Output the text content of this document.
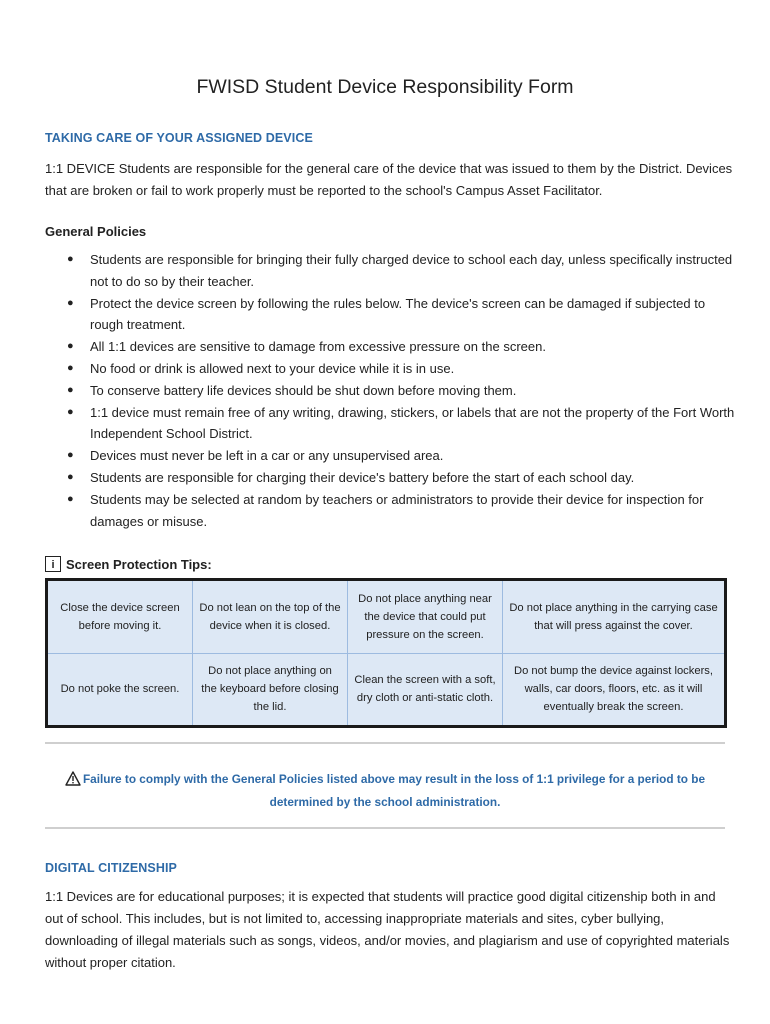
FWISD Student Device Responsibility Form
TAKING CARE OF YOUR ASSIGNED DEVICE
1:1 DEVICE Students are responsible for the general care of the device that was issued to them by the District. Devices that are broken or fail to work properly must be reported to the school's Campus Asset Facilitator.
General Policies
● Students are responsible for bringing their fully charged device to school each day, unless specifically instructed not to do so by their teacher.
● Protect the device screen by following the rules below. The device's screen can be damaged if subjected to rough treatment.
● All 1:1 devices are sensitive to damage from excessive pressure on the screen.
● No food or drink is allowed next to your device while it is in use.
● To conserve battery life devices should be shut down before moving them.
● 1:1 device must remain free of any writing, drawing, stickers, or labels that are not the property of the Fort Worth Independent School District.
● Devices must never be left in a car or any unsupervised area.
● Students are responsible for charging their device's battery before the start of each school day.
● Students may be selected at random by teachers or administrators to provide their device for inspection for damages or misuse.
i Screen Protection Tips:
Close the device screen before moving it.	Do not lean on the top of the device when it is closed.	Do not place anything near the device that could put pressure on the screen.	Do not place anything in the carrying case that will press against the cover.
Do not poke the screen.	Do not place anything on the keyboard before closing the lid.	Clean the screen with a soft, dry cloth or anti-static cloth.	Do not bump the device against lockers, walls, car doors, floors, etc. as it will eventually break the screen.
Failure to comply with the General Policies listed above may result in the loss of 1:1 privilege for a period to be determined by the school administration.
DIGITAL CITIZENSHIP
1:1 Devices are for educational purposes; it is expected that students will practice good digital citizenship both in and out of school. This includes, but is not limited to, accessing inappropriate materials and sites, cyber bullying, downloading of illegal materials such as songs, videos, and/or movies, and plagiarism and use of copyrighted materials without proper citation.
